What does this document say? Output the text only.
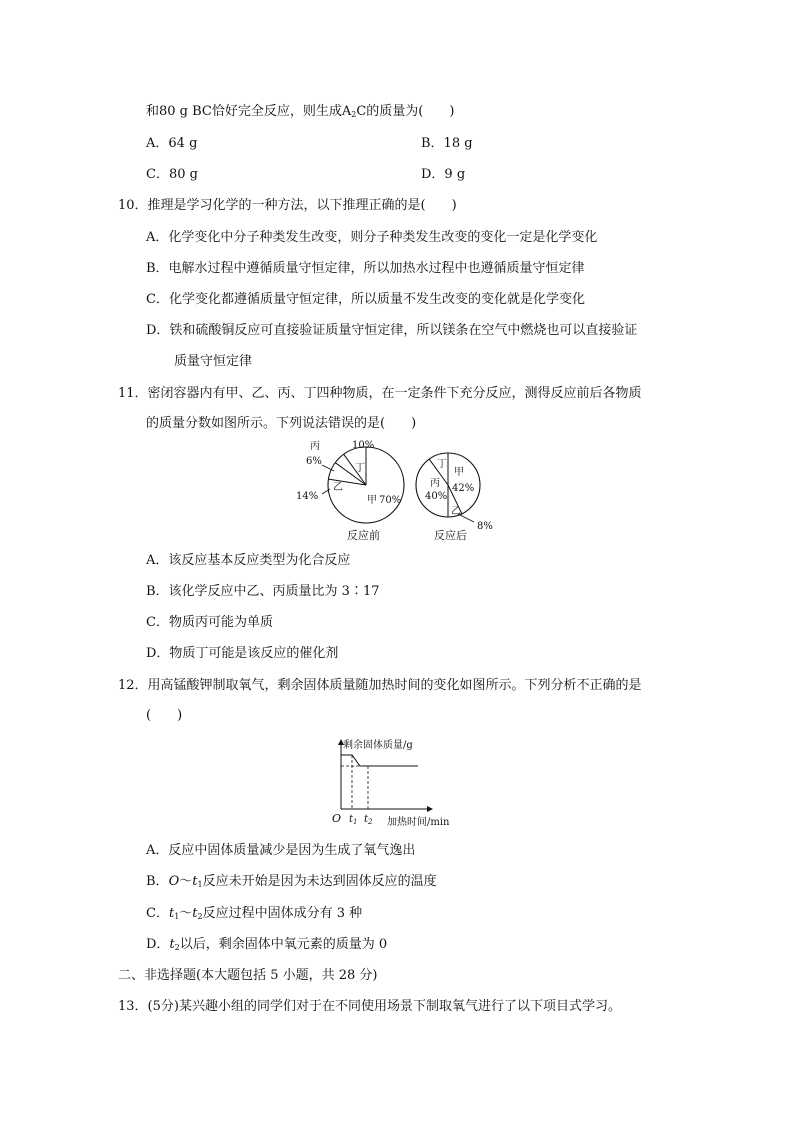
和80 g BC恰好完全反应，则生成$A_2C$的质量为(　　)
A．64 g	B．18 g
C．80 g	D．9 g
10．推理是学习化学的一种方法，以下推理正确的是(　　)
A．化学变化中分子种类发生改变，则分子种类发生改变的变化一定是化学变化
B．电解水过程中遵循质量守恒定律，所以加热水过程中也遵循质量守恒定律
C．化学变化都遵循质量守恒定律，所以质量不发生改变的变化就是化学变化
D．铁和硫酸铜反应可直接验证质量守恒定律，所以镁条在空气中燃烧也可以直接验证
质量守恒定律
11．密闭容器内有甲、乙、丙、丁四种物质，在一定条件下充分反应，测得反应前后各物质
的质量分数如图所示。下列说法错误的是(　　)
10%
丁
丙
6%
乙
14%	甲 70%
反应前
丁
丙
40%
乙
8%
甲
42%
反应后
A．该反应基本反应类型为化合反应
B．该化学反应中乙、丙质量比为 3∶17
C．物质丙可能为单质
D．物质丁可能是该反应的催化剂
12．用高锰酸钾制取氧气，剩余固体质量随加热时间的变化如图所示。下列分析不正确的是
(　　)
剩余固体质量/g
O $t_1$ $t_2$ 加热时间/min
A．反应中固体质量减少是因为生成了氧气逸出
B．$O\sim t_1$反应未开始是因为未达到固体反应的温度
C．$t_1\sim t_2$反应过程中固体成分有 3 种
D．$t_2$以后，剩余固体中氧元素的质量为 0
二、非选择题(本大题包括 5 小题，共 28 分)
13．(5分)某兴趣小组的同学们对于在不同使用场景下制取氧气进行了以下项目式学习。
